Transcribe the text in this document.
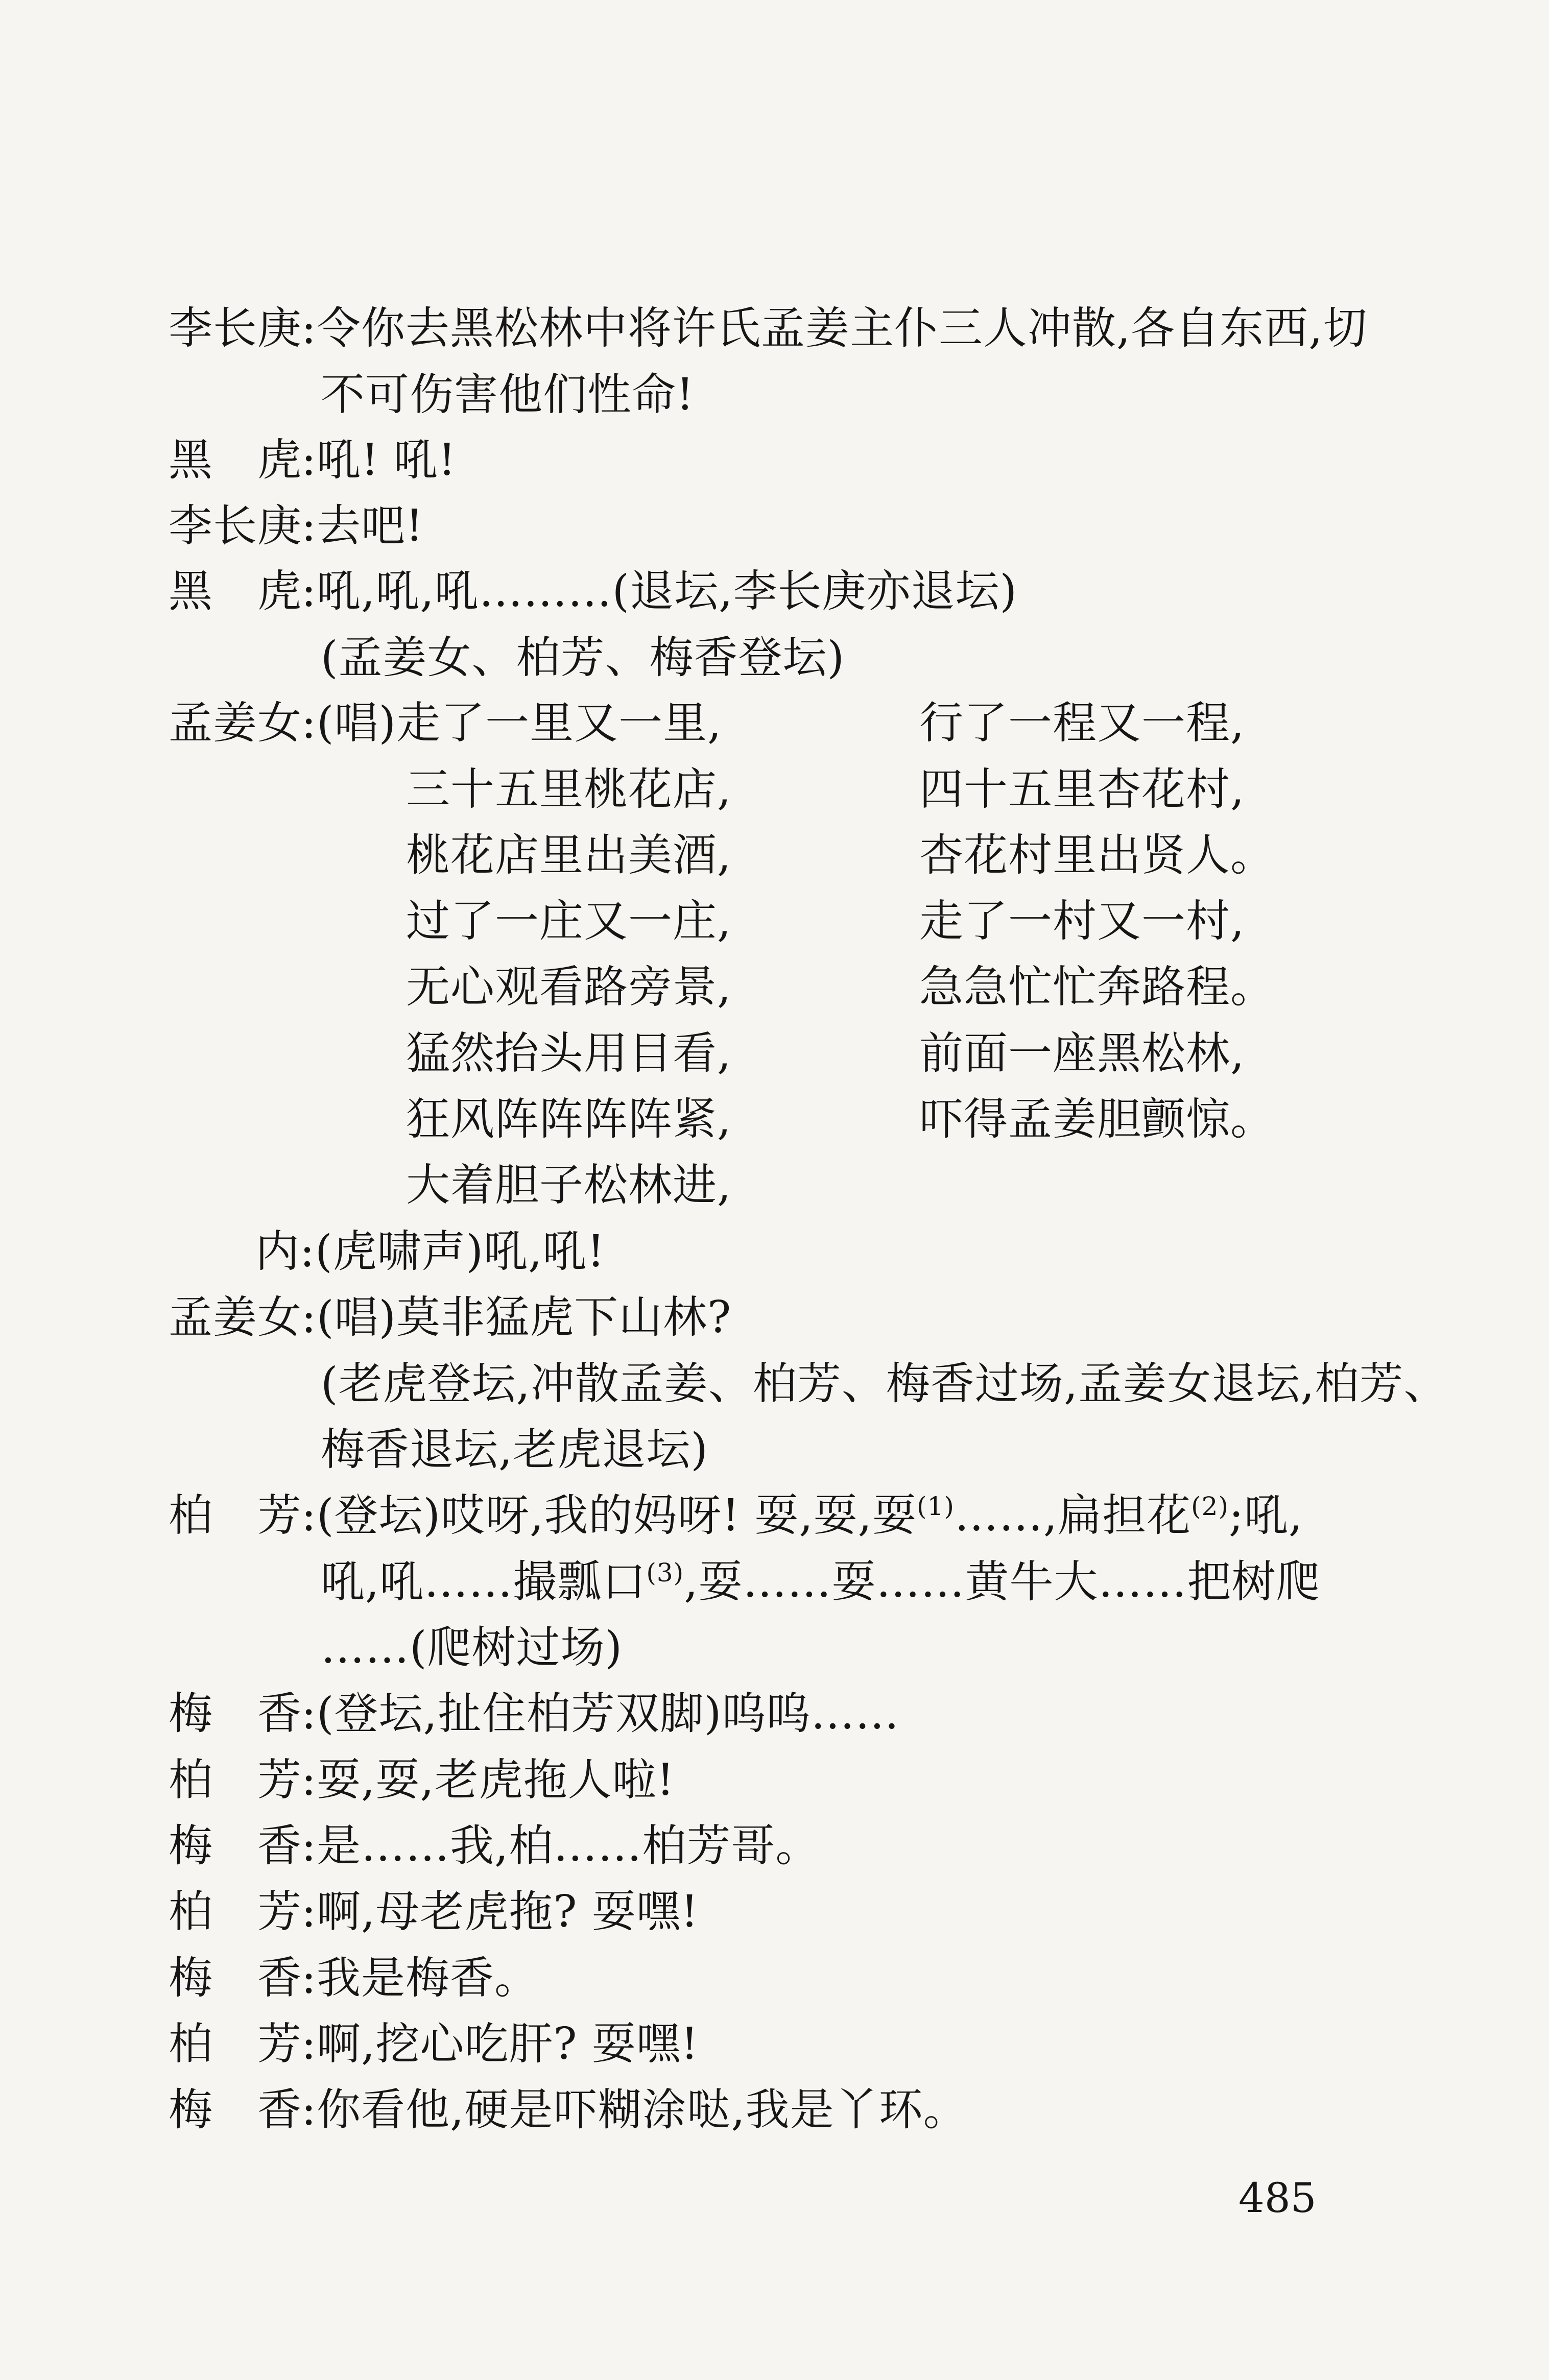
李长庚:令你去黑松林中将许氏孟姜主仆三人冲散,各自东西,切
不可伤害他们性命!
黑　虎:吼! 吼!
李长庚:去吧!
黑　虎:吼,吼,吼………(退坛,李长庚亦退坛)
(孟姜女、柏芳、梅香登坛)
孟姜女:(唱)走了一里又一里,	行了一程又一程,
三十五里桃花店,	四十五里杏花村,
桃花店里出美酒,	杏花村里出贤人。
过了一庄又一庄,	走了一村又一村,
无心观看路旁景,	急急忙忙奔路程。
猛然抬头用目看,	前面一座黑松林,
狂风阵阵阵阵紧,	吓得孟姜胆颤惊。
大着胆子松林进,
内:(虎啸声)吼,吼!
孟姜女:(唱)莫非猛虎下山林?
(老虎登坛,冲散孟姜、柏芳、梅香过场,孟姜女退坛,柏芳、
梅香退坛,老虎退坛)
柏　芳:(登坛)哎呀,我的妈呀! 耍,耍,耍$^{(1)}$……,扁担花$^{(2)}$;吼,
吼,吼……撮瓢口$^{(3)}$,耍……耍……黄牛大……把树爬
……(爬树过场)
梅　香:(登坛,扯住柏芳双脚)呜呜……
柏　芳:耍,耍,老虎拖人啦!
梅　香:是……我,柏……柏芳哥。
柏　芳:啊,母老虎拖? 耍嘿!
梅　香:我是梅香。
柏　芳:啊,挖心吃肝? 耍嘿!
梅　香:你看他,硬是吓糊涂哒,我是丫环。
485
